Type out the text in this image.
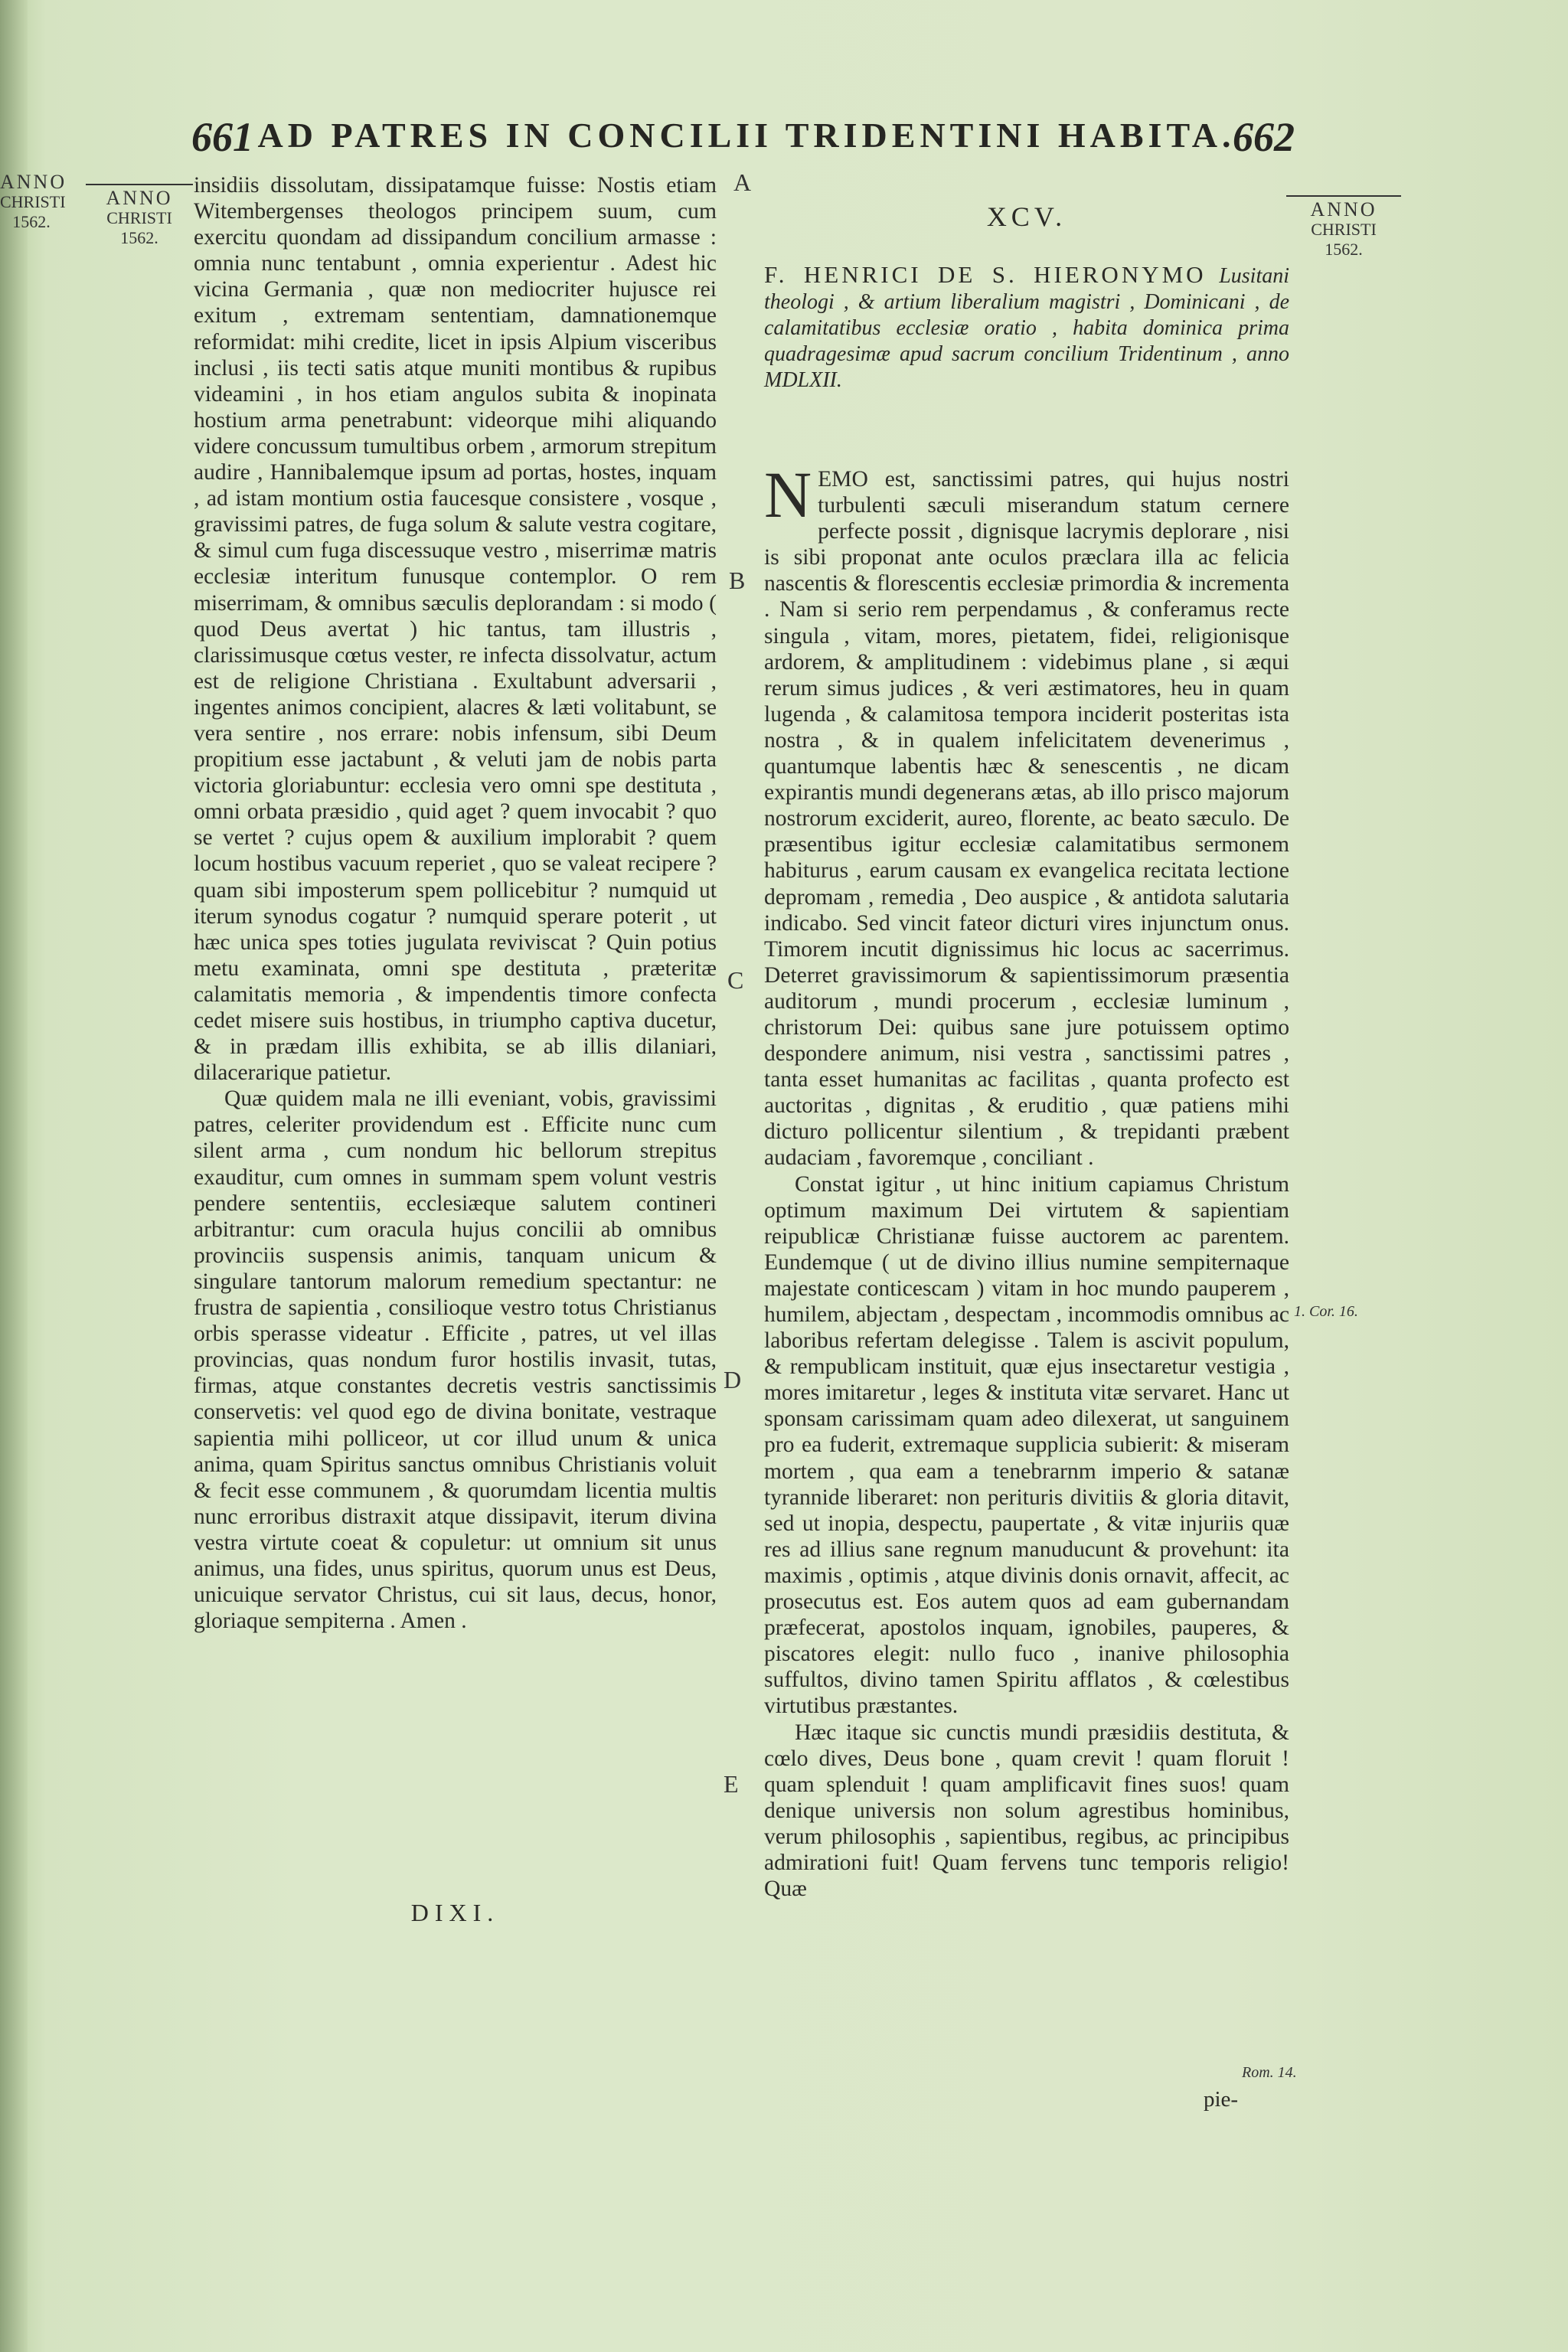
661 AD PATRES IN CONCILII TRIDENTINI HABITA.
662
ANNO
CHRISTI
1562.
ANNO
CHRISTI
1562.
ANNO
CHRISTI
1562.
A
B
C
D
E

insidiis dissolutam, dissipatamque fuisse: Nostis etiam Witembergenses theologos principem suum, cum exercitu quondam ad dissipandum concilium armasse : omnia nunc tentabunt , omnia experientur . Adest hic vicina Germania , quæ non mediocriter hujusce rei exitum , extremam sententiam, damnationemque reformidat: mihi credite, licet in ipsis Alpium visceribus inclusi , iis tecti satis atque muniti montibus & rupibus videamini , in hos etiam angulos subita & inopinata hostium arma penetrabunt: videorque mihi aliquando videre concussum tumultibus orbem , armorum strepitum audire , Hannibalemque ipsum ad portas, hostes, inquam , ad istam montium ostia faucesque consistere , vosque , gravissimi patres, de fuga solum & salute vestra cogitare, & simul cum fuga discessuque vestro , miserrimæ matris ecclesiæ interitum funusque contemplor. O rem miserrimam, & omnibus sæculis deplorandam : si modo ( quod Deus avertat ) hic tantus, tam illustris , clarissimusque cœtus vester, re infecta dissolvatur, actum est de religione Christiana . Exultabunt adversarii , ingentes animos concipient, alacres & læti volitabunt, se vera sentire , nos errare: nobis infensum, sibi Deum propitium esse jactabunt , & veluti jam de nobis parta victoria gloriabuntur: ecclesia vero omni spe destituta , omni orbata præsidio , quid aget ? quem invocabit ? quo se vertet ? cujus opem & auxilium implorabit ? quem locum hostibus vacuum reperiet , quo se valeat recipere ? quam sibi imposterum spem pollicebitur ? numquid ut iterum synodus cogatur ? numquid sperare poterit , ut hæc unica spes toties jugulata reviviscat ? Quin potius metu examinata, omni spe destituta , præteritæ calamitatis memoria , & impendentis timore confecta cedet misere suis hostibus, in triumpho captiva ducetur, & in prædam illis exhibita, se ab illis dilaniari, dilacerarique patietur.

Quæ quidem mala ne illi eveniant, vobis, gravissimi patres, celeriter providendum est . Efficite nunc cum silent arma , cum nondum hic bellorum strepitus exauditur, cum omnes in summam spem volunt vestris pendere sententiis, ecclesiæque salutem contineri arbitrantur: cum oracula hujus concilii ab omnibus provinciis suspensis animis, tanquam unicum & singulare tantorum malorum remedium spectantur: ne frustra de sapientia , consilioque vestro totus Christianus orbis sperasse videatur . Efficite , patres, ut vel illas provincias, quas nondum furor hostilis invasit, tutas, firmas, atque constantes decretis vestris sanctissimis conservetis: vel quod ego de divina bonitate, vestraque sapientia mihi polliceor, ut cor illud unum & unica anima, quam Spiritus sanctus omnibus Christianis voluit & fecit esse communem , & quorumdam licentia multis nunc erroribus distraxit atque dissipavit, iterum divina vestra virtute coeat & copuletur: ut omnium sit unus animus, una fides, unus spiritus, quorum unus est Deus, unicuique servator Christus, cui sit laus, decus, honor, gloriaque sempiterna . Amen .

DIXI.
XCV.
F. HENRICI DE S. HIERONYMO Lusitani theologi , & artium liberalium magistri , Dominicani , de calamitatibus ecclesiæ oratio , habita dominica prima quadragesimæ apud sacrum concilium Tridentinum , anno MDLXII.

NEMO est, sanctissimi patres, qui hujus nostri turbulenti sæculi miserandum statum cernere perfecte possit , dignisque lacrymis deplorare , nisi is sibi proponat ante oculos præclara illa ac felicia nascentis & florescentis ecclesiæ primordia & incrementa . Nam si serio rem perpendamus , & conferamus recte singula , vitam, mores, pietatem, fidei, religionisque ardorem, & amplitudinem : videbimus plane , si æqui rerum simus judices , & veri æstimatores, heu in quam lugenda , & calamitosa tempora inciderit posteritas ista nostra , & in qualem infelicitatem devenerimus , quantumque labentis hæc & senescentis , ne dicam expirantis mundi degenerans ætas, ab illo prisco majorum nostrorum exciderit, aureo, florente, ac beato sæculo. De præsentibus igitur ecclesiæ calamitatibus sermonem habiturus , earum causam ex evangelica recitata lectione depromam , remedia , Deo auspice , & antidota salutaria indicabo. Sed vincit fateor dicturi vires injunctum onus. Timorem incutit dignissimus hic locus ac sacerrimus. Deterret gravissimorum & sapientissimorum præsentia auditorum , mundi procerum , ecclesiæ luminum , christorum Dei: quibus sane jure potuissem optimo despondere animum, nisi vestra , sanctissimi patres , tanta esset humanitas ac facilitas , quanta profecto est auctoritas , dignitas , & eruditio , quæ patiens mihi dicturo pollicentur silentium , & trepidanti præbent audaciam , favoremque , conciliant .

Constat igitur , ut hinc initium capiamus Christum optimum maximum Dei virtutem & sapientiam reipublicæ Christianæ fuisse auctorem ac parentem. Eundemque ( ut de divino illius numine sempiternaque majestate conticescam ) vitam in hoc mundo pauperem , humilem, abjectam , despectam , incommodis omnibus ac laboribus refertam delegisse . Talem is ascivit populum, & rempublicam instituit, quæ ejus insectaretur vestigia , mores imitaretur , leges & instituta vitæ servaret. Hanc ut sponsam carissimam quam adeo dilexerat, ut sanguinem pro ea fuderit, extremaque supplicia subierit: & miseram mortem , qua eam a tenebrarnm imperio & satanæ tyrannide liberaret: non perituris divitiis & gloria ditavit, sed ut inopia, despectu, paupertate , & vitæ injuriis quæ res ad illius sane regnum manuducunt & provehunt: ita maximis , optimis , atque divinis donis ornavit, affecit, ac prosecutus est. Eos autem quos ad eam gubernandam præfecerat, apostolos inquam, ignobiles, pauperes, & piscatores elegit: nullo fuco , inanive philosophia suffultos, divino tamen Spiritu afflatos , & cœlestibus virtutibus præstantes.

Hæc itaque sic cunctis mundi præsidiis destituta, & cœlo dives, Deus bone , quam crevit ! quam floruit ! quam splenduit ! quam amplificavit fines suos! quam denique universis non solum agrestibus hominibus, verum philosophis , sapientibus, regibus, ac principibus admirationi fuit! Quam fervens tunc temporis religio! Quæ

pie-
1. Cor. 16.
Rom. 14.
